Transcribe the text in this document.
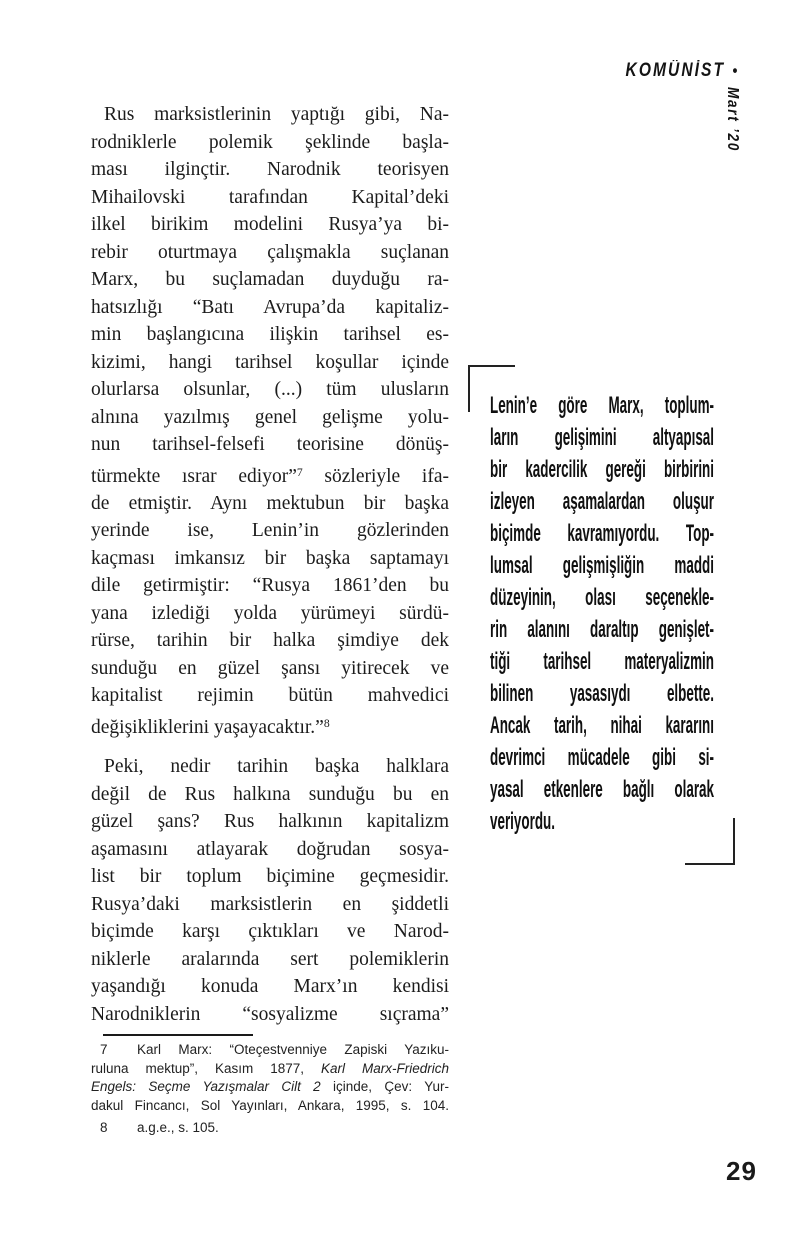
KOMÜNİST •
Mart ’20
Rus marksistlerinin yaptığı gibi, Na-
rodniklerle polemik şeklinde başla-
ması ilginçtir. Narodnik teorisyen
Mihailovski tarafından Kapital’deki
ilkel birikim modelini Rusya’ya bi-
rebir oturtmaya çalışmakla suçlanan
Marx, bu suçlamadan duyduğu ra-
hatsızlığı “Batı Avrupa’da kapitaliz-
min başlangıcına ilişkin tarihsel es-
kizimi, hangi tarihsel koşullar içinde
olurlarsa olsunlar, (...) tüm ulusların
alnına yazılmış genel gelişme yolu-
nun tarihsel-felsefi teorisine dönüş-
türmekte ısrar ediyor”$^7$ sözleriyle ifa-
de etmiştir. Aynı mektubun bir başka
yerinde ise, Lenin’in gözlerinden
kaçması imkansız bir başka saptamayı
dile getirmiştir: “Rusya 1861’den bu
yana izlediği yolda yürümeyi sürdü-
rürse, tarihin bir halka şimdiye dek
sunduğu en güzel şansı yitirecek ve
kapitalist rejimin bütün mahvedici
değişikliklerini yaşayacaktır.”$^8$
Peki, nedir tarihin başka halklara
değil de Rus halkına sunduğu bu en
güzel şans? Rus halkının kapitalizm
aşamasını atlayarak doğrudan sosya-
list bir toplum biçimine geçmesidir.
Rusya’daki marksistlerin en şiddetli
biçimde karşı çıktıkları ve Narod-
niklerle aralarında sert polemiklerin
yaşandığı konuda Marx’ın kendisi
Narodniklerin “sosyalizme sıçrama”
7 Karl Marx: “Oteçestvenniye Zapiski Yazıku-
ruluna mektup”, Kasım 1877, Karl Marx-Friedrich
Engels: Seçme Yazışmalar Cilt 2 içinde, Çev: Yur-
dakul Fincancı, Sol Yayınları, Ankara, 1995, s. 104.
8 a.g.e., s. 105.
Lenin’e göre Marx, toplum-
ların gelişimini altyapısal
bir kadercilik gereği birbirini
izleyen aşamalardan oluşur
biçimde kavramıyordu. Top-
lumsal gelişmişliğin maddi
düzeyinin, olası seçenekle-
rin alanını daraltıp genişlet-
tiği tarihsel materyalizmin
bilinen yasasıydı elbette.
Ancak tarih, nihai kararını
devrimci mücadele gibi si-
yasal etkenlere bağlı olarak
veriyordu.
29
